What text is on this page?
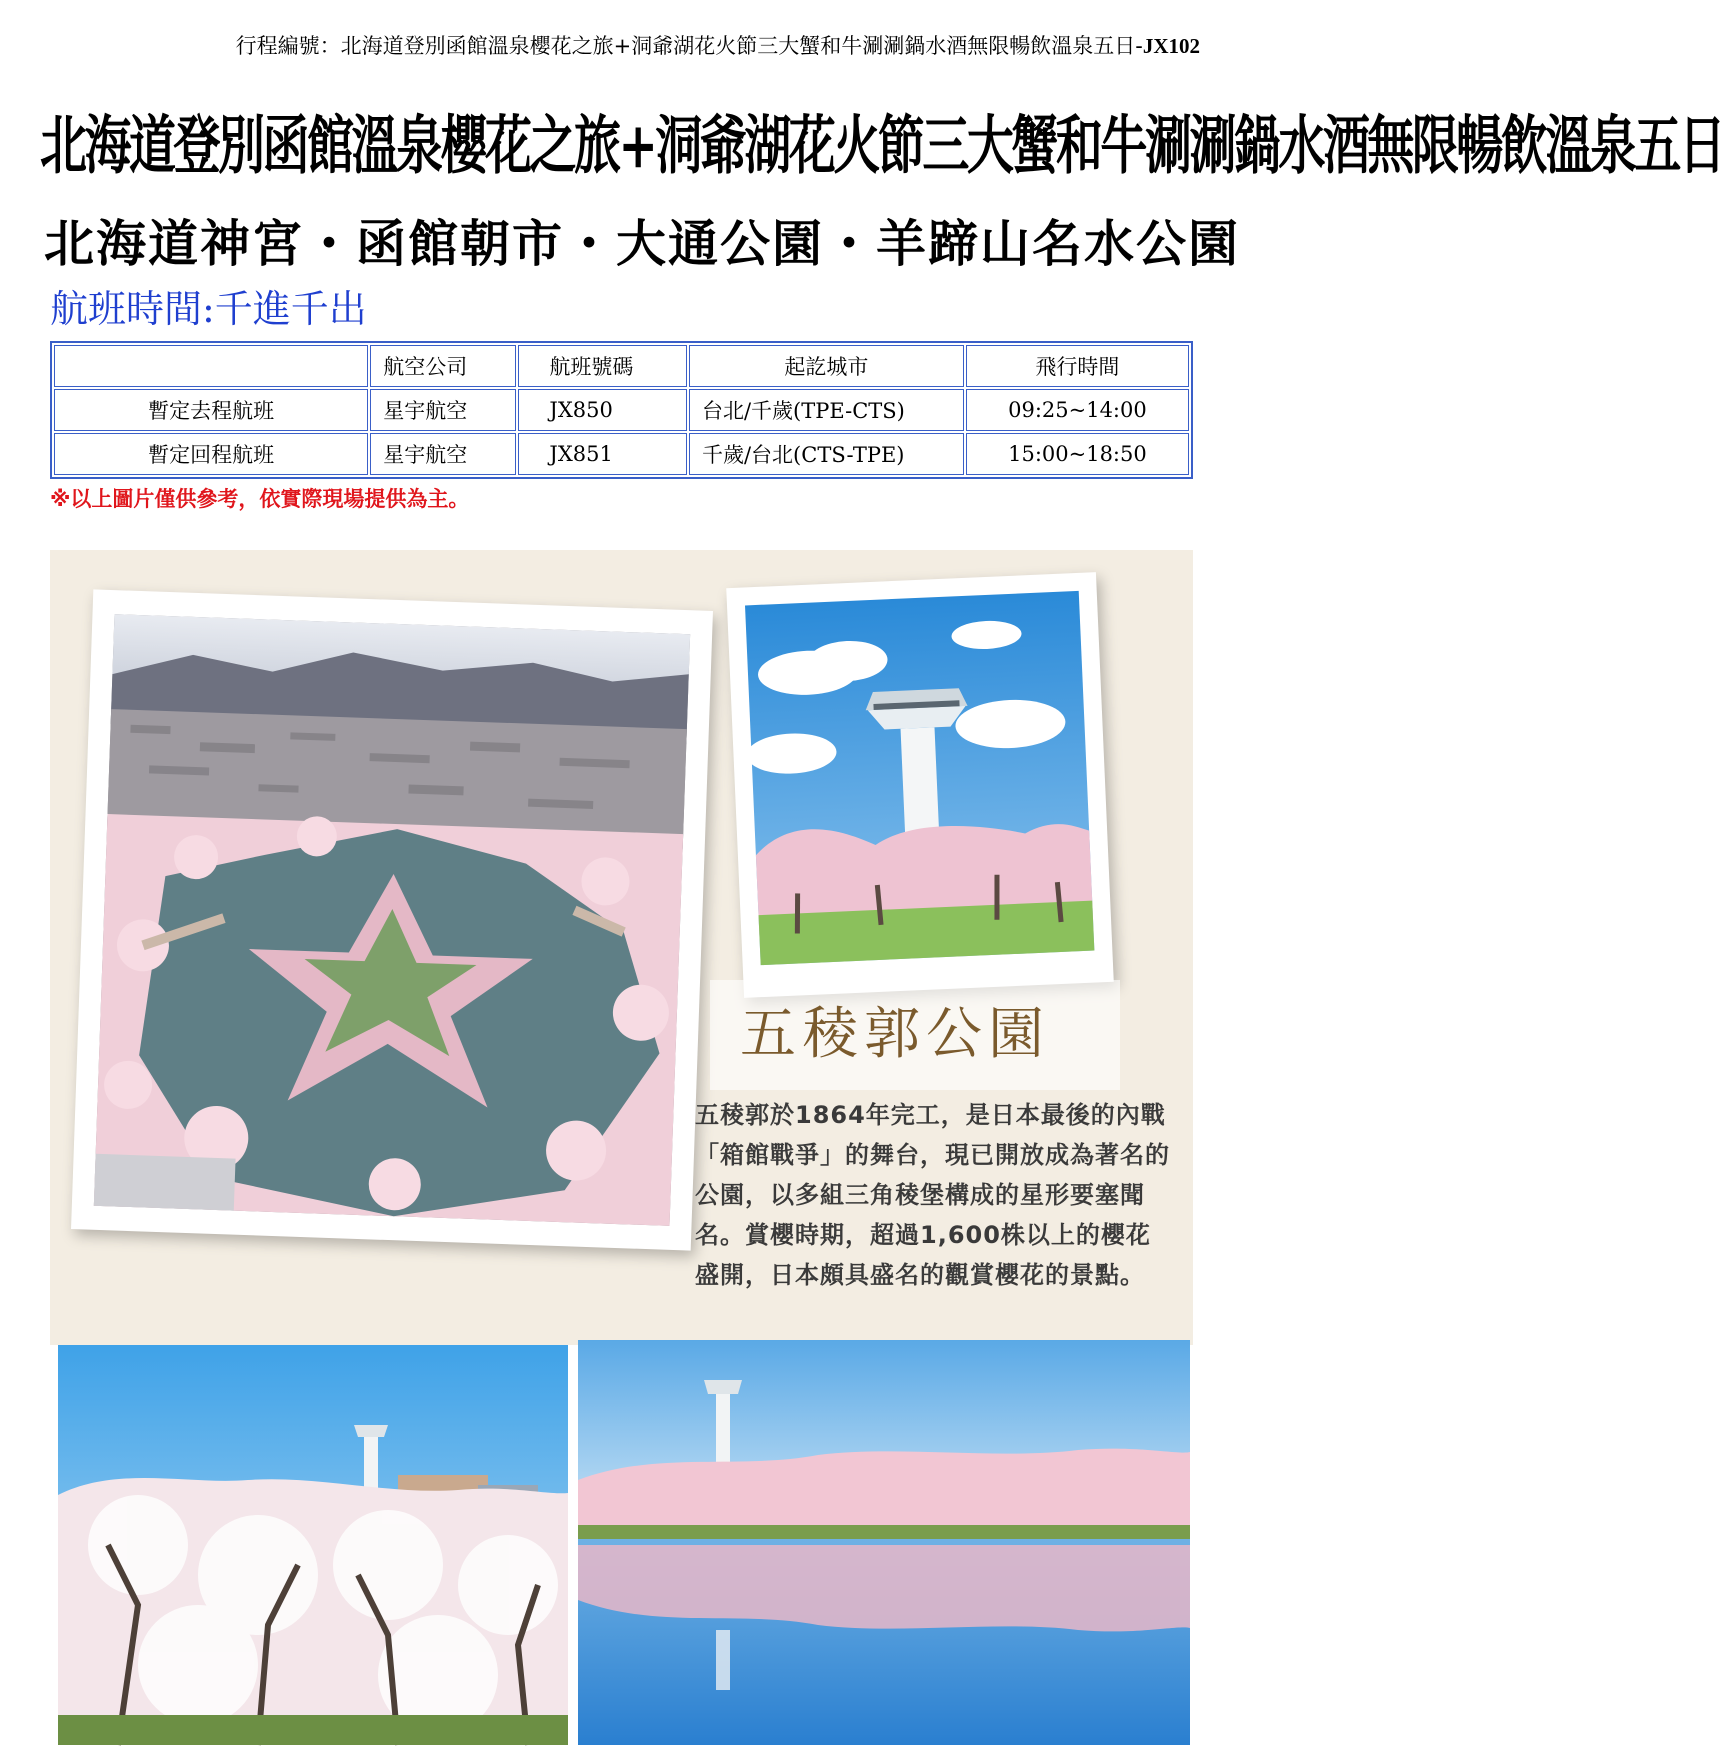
行程編號：北海道登別函館溫泉櫻花之旅+洞爺湖花火節三大蟹和牛涮涮鍋水酒無限暢飲溫泉五日-JX102
北海道登別函館溫泉櫻花之旅+洞爺湖花火節三大蟹和牛涮涮鍋水酒無限暢飲溫泉五日
北海道神宮・函館朝市・大通公園・羊蹄山名水公園
航班時間:千進千出
	航空公司	航班號碼	起訖城市	飛行時間
暫定去程航班	星宇航空	JX850	台北/千歲(TPE-CTS)	09:25~14:00
暫定回程航班	星宇航空	JX851	千歲/台北(CTS-TPE)	15:00~18:50
※以上圖片僅供參考，依實際現場提供為主。
五稜郭公園
五稜郭於1864年完工，是日本最後的內戰「箱館戰爭」的舞台，現已開放成為著名的公園，以多組三角稜堡構成的星形要塞聞名。賞櫻時期，超過1,600株以上的櫻花盛開，日本頗具盛名的觀賞櫻花的景點。
